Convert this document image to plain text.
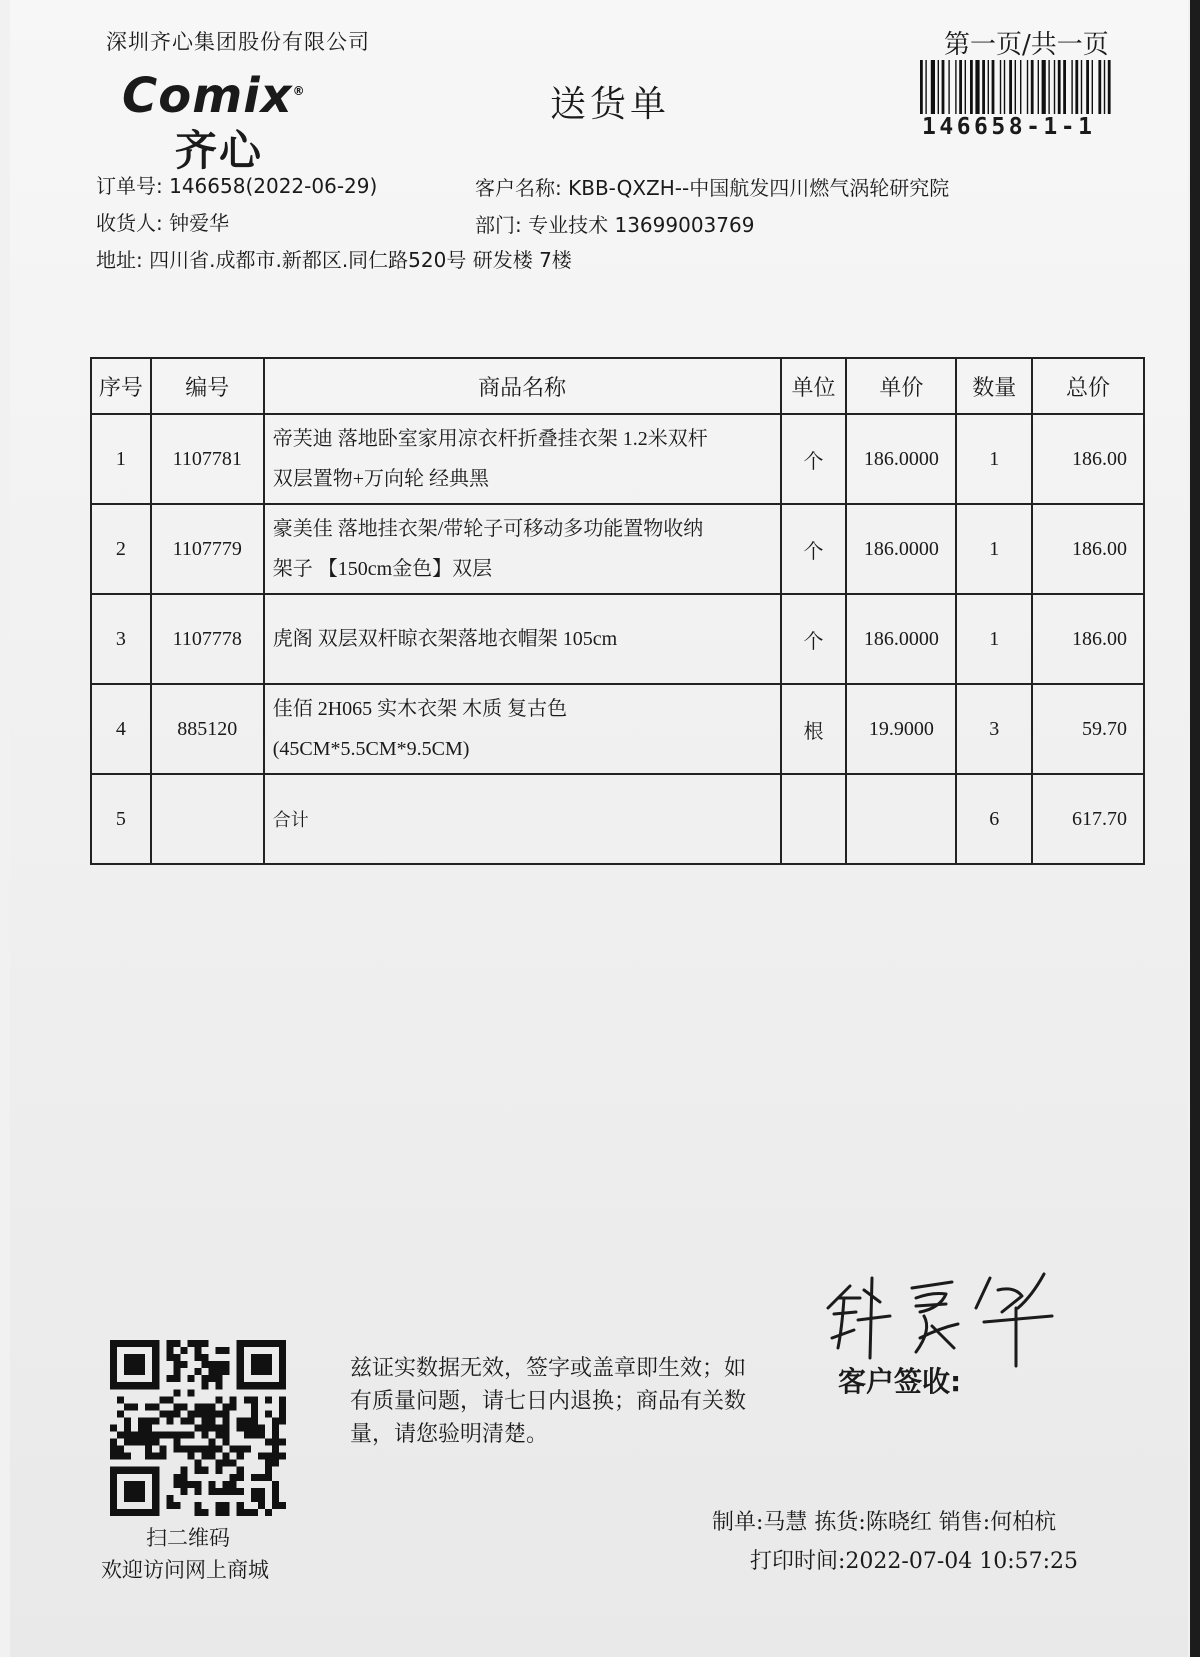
深圳齐心集团股份有限公司	第一页/共一页
146658-1-1
Comix®
齐心
送货单
订单号: 146658(2022-06-29)
收货人: 钟爱华
地址: 四川省.成都市.新都区.同仁路520号 研发楼 7楼
客户名称: KBB-QXZH--中国航发四川燃气涡轮研究院
部门: 专业技术 13699003769
序号	编号	商品名称	单位	单价	数量	总价
1	1107781	帝芙迪 落地卧室家用凉衣杆折叠挂衣架 1.2米双杆
双层置物+万向轮 经典黑	个	186.0000	1	186.00
2	1107779	豪美佳 落地挂衣架/带轮子可移动多功能置物收纳
架子 【150cm金色】双层	个	186.0000	1	186.00
3	1107778	虎阁 双层双杆晾衣架落地衣帽架 105cm	个	186.0000	1	186.00
4	885120	佳佰 2H065 实木衣架 木质 复古色
(45CM*5.5CM*9.5CM)	根	19.9000	3	59.70
5		合计			6	617.70
扫二维码
欢迎访问网上商城
兹证实数据无效，签字或盖章即生效；如有质量问题，请七日内退换；商品有关数量，请您验明清楚。
客户签收:
制单:马慧 拣货:陈晓红 销售:何柏杭
打印时间:2022-07-04 10:57:25
